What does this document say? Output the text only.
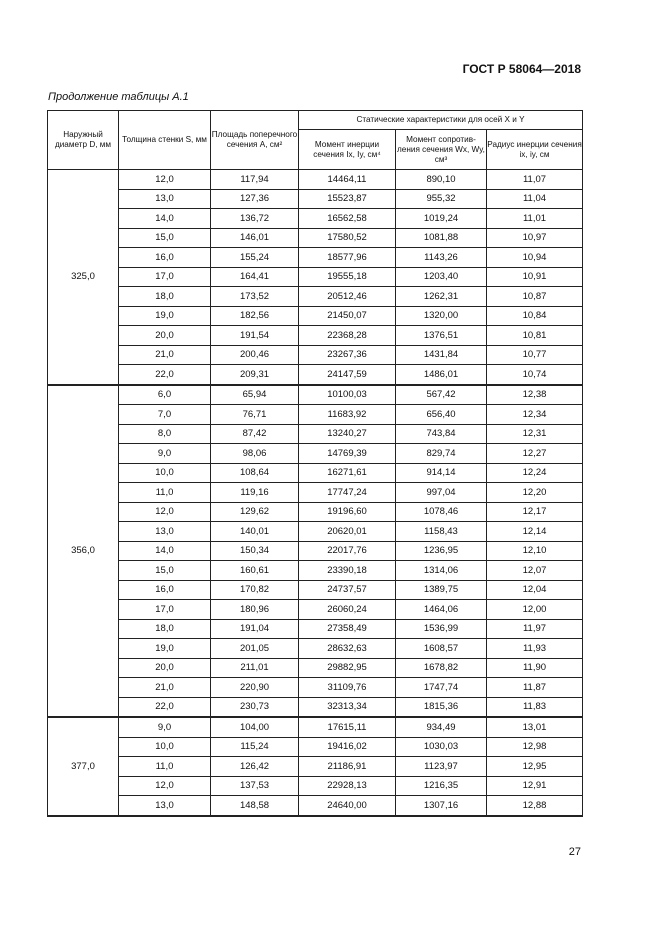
ГОСТ Р 58064—2018
Продолжение таблицы А.1
Наружный диаметр D, мм	Толщина стенки S, мм	Площадь поперечного сечения A, см²	Статические характеристики для осей X и Y		
			Момент инерции сечения Ix, Iy, см⁴	Момент сопротив-ления сечения Wx, Wy, см³	Радиус инерции сечения ix, iy, см
325,0	12,0	117,94	14464,11	890,10	11,07
	13,0	127,36	15523,87	955,32	11,04
	14,0	136,72	16562,58	1019,24	11,01
	15,0	146,01	17580,52	1081,88	10,97
	16,0	155,24	18577,96	1143,26	10,94
	17,0	164,41	19555,18	1203,40	10,91
	18,0	173,52	20512,46	1262,31	10,87
	19,0	182,56	21450,07	1320,00	10,84
	20,0	191,54	22368,28	1376,51	10,81
	21,0	200,46	23267,36	1431,84	10,77
	22,0	209,31	24147,59	1486,01	10,74
356,0	6,0	65,94	10100,03	567,42	12,38
	7,0	76,71	11683,92	656,40	12,34
	8,0	87,42	13240,27	743,84	12,31
	9,0	98,06	14769,39	829,74	12,27
	10,0	108,64	16271,61	914,14	12,24
	11,0	119,16	17747,24	997,04	12,20
	12,0	129,62	19196,60	1078,46	12,17
	13,0	140,01	20620,01	1158,43	12,14
	14,0	150,34	22017,76	1236,95	12,10
	15,0	160,61	23390,18	1314,06	12,07
	16,0	170,82	24737,57	1389,75	12,04
	17,0	180,96	26060,24	1464,06	12,00
	18,0	191,04	27358,49	1536,99	11,97
	19,0	201,05	28632,63	1608,57	11,93
	20,0	211,01	29882,95	1678,82	11,90
	21,0	220,90	31109,76	1747,74	11,87
	22,0	230,73	32313,34	1815,36	11,83
377,0	9,0	104,00	17615,11	934,49	13,01
	10,0	115,24	19416,02	1030,03	12,98
	11,0	126,42	21186,91	1123,97	12,95
	12,0	137,53	22928,13	1216,35	12,91
	13,0	148,58	24640,00	1307,16	12,88
27
